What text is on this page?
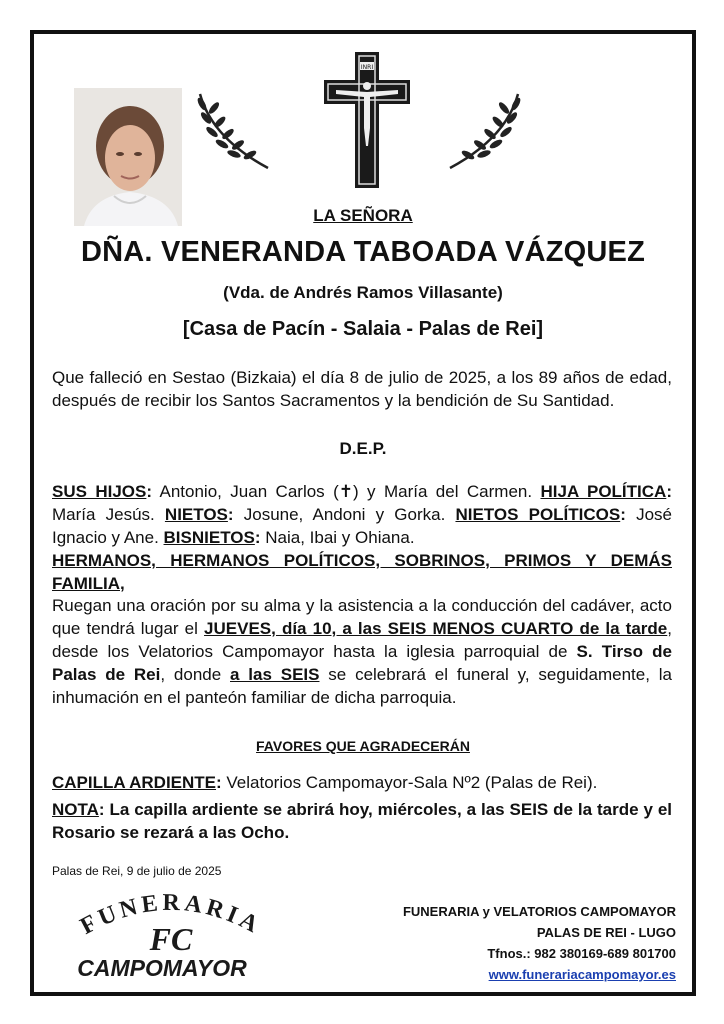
INRI
LA SEÑORA
DÑA. VENERANDA TABOADA VÁZQUEZ
(Vda. de Andrés Ramos Villasante)
[Casa de Pacín - Salaia - Palas de Rei]
Que falleció en Sestao (Bizkaia) el día 8 de julio de 2025, a los 89 años de edad, después de recibir los Santos Sacramentos y la bendición de Su Santidad.
D.E.P.
SUS HIJOS: Antonio, Juan Carlos (✝) y María del Carmen. HIJA POLÍTICA: María Jesús. NIETOS: Josune, Andoni y Gorka. NIETOS POLÍTICOS: José Ignacio y Ane. BISNIETOS: Naia, Ibai y Ohiana.
HERMANOS, HERMANOS POLÍTICOS, SOBRINOS, PRIMOS Y DEMÁS FAMILIA,
Ruegan una oración por su alma y la asistencia a la conducción del cadáver, acto que tendrá lugar el JUEVES, día 10, a las SEIS MENOS CUARTO de la tarde, desde los Velatorios Campomayor hasta la iglesia parroquial de S. Tirso de Palas de Rei, donde a las SEIS se celebrará el funeral y, seguidamente, la inhumación en el panteón familiar de dicha parroquia.
FAVORES QUE AGRADECERÁN
CAPILLA ARDIENTE: Velatorios Campomayor-Sala Nº2 (Palas de Rei).
NOTA: La capilla ardiente se abrirá hoy, miércoles, a las SEIS de la tarde y el Rosario se rezará a las Ocho.
Palas de Rei, 9 de julio de 2025
FUNERARIA
FC
CAMPOMAYOR
FUNERARIA y VELATORIOS CAMPOMAYOR
PALAS DE REI - LUGO
Tfnos.: 982 380169-689 801700
www.funerariacampomayor.es
